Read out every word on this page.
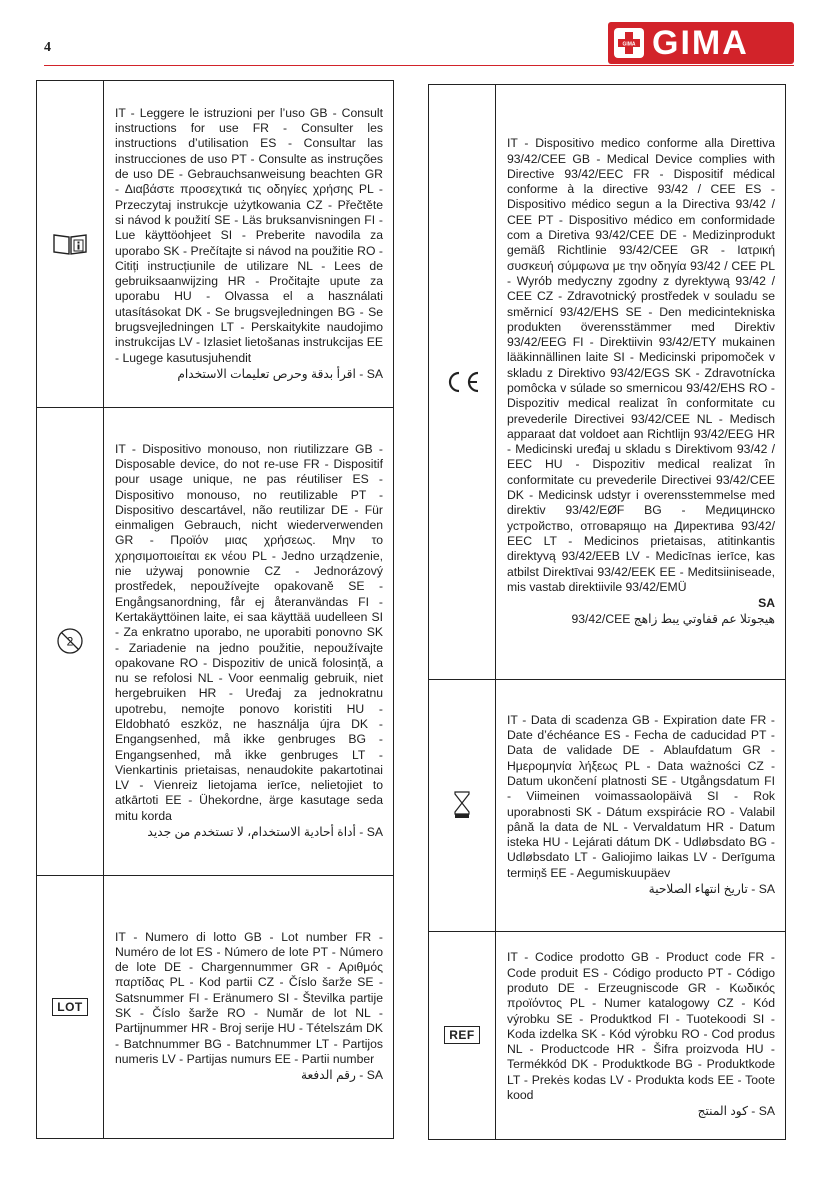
4	GIMA GIMA
IT - Leggere le istruzioni per l’uso GB - Consult instructions for use FR - Consulter les instructions d’utilisation ES - Consultar las instrucciones de uso PT - Consulte as instruções de uso DE - Gebrauchsanweisung beachten GR - Διαβάστε προσεχτικά τις οδηγίες χρήσης PL - Przeczytaj instrukcje użytkowania CZ - Přečtěte si návod k použití SE - Läs bruksanvisningen FI - Lue käyttöohjeet SI - Preberite navodila za uporabo SK - Prečítajte si návod na použitie RO - Citiți instrucțiunile de utilizare NL - Lees de gebruiksaanwijzing HR - Pročitajte upute za uporabu HU - Olvassa el a használati utasításokat DK - Se brugsvejledningen BG - Se brugsvejledningen LT - Perskaitykite naudojimo instrukcijas LV - Izlasiet lietošanas instrukcijas EE - Lugege kasutusjuhendit
SA - اقرأ بدقة وحرص تعليمات الاستخدام
2
IT - Dispositivo monouso, non riutilizzare GB - Disposable device, do not re-use FR - Dispositif pour usage unique, ne pas réutiliser ES - Dispositivo monouso, no reutilizable PT - Dispositivo descartável, não reutilizar DE - Für einmaligen Gebrauch, nicht wiederverwenden GR - Προϊόν μιας χρήσεως. Μην το χρησιμοποιείται εκ νέου PL - Jedno urządzenie, nie używaj ponownie CZ - Jednorázový prostředek, nepoužívejte opakovaně SE - Engångsanordning, får ej återanvändas FI - Kertakäyttöinen laite, ei saa käyttää uudelleen SI - Za enkratno uporabo, ne uporabiti ponovno SK - Zariadenie na jedno použitie, nepoužívajte opakovane RO - Dispozitiv de unică folosință, a nu se refolosi NL - Voor eenmalig gebruik, niet hergebruiken HR - Uređaj za jednokratnu upotrebu, nemojte ponovo koristiti HU - Eldobható eszköz, ne használja újra DK - Engangsenhed, må ikke genbruges BG - Engangsenhed, må ikke genbruges LT - Vienkartinis prietaisas, nenaudokite pakartotinai LV - Vienreiz lietojama ierīce, nelietojiet to atkārtoti EE - Ühekordne, ärge kasutage seda mitu korda
SA - أداة أحادية الاستخدام، لا تستخدم من جديد
LOT
IT - Numero di lotto GB - Lot number FR - Numéro de lot ES - Número de lote PT - Número de lote DE - Chargennummer GR - Αριθμός παρτίδας PL - Kod partii CZ - Číslo šarže SE - Satsnummer FI - Eränumero SI - Številka partije SK - Číslo šarže RO - Număr de lot NL - Partijnummer HR - Broj serije HU - Tételszám DK - Batchnummer BG - Batchnummer LT - Partijos numeris LV - Partijas numurs EE - Partii number
SA - رقم الدفعة
IT - Dispositivo medico conforme alla Direttiva 93/42/CEE GB - Medical Device complies with Directive 93/42/EEC FR - Dispositif médical conforme à la directive 93/42 / CEE ES - Dispositivo médico segun a la Directiva 93/42 / CEE PT - Dispositivo médico em conformidade com a Diretiva 93/42/CEE DE - Medizinprodukt gemäß Richtlinie 93/42/CEE GR - Ιατρική συσκευή σύμφωνα με την οδηγία 93/42 / CEE PL - Wyrób medyczny zgodny z dyrektywą 93/42 / CEE CZ - Zdravotnický prostředek v souladu se směrnicí 93/42/EHS SE - Den medicintekniska produkten överensstämmer med Direktiv 93/42/EEG FI - Direktiivin 93/42/ETY mukainen lääkinnällinen laite SI - Medicinski pripomoček v skladu z Direktivo 93/42/EGS SK - Zdravotnícka pomôcka v súlade so smernicou 93/42/EHS RO - Dispozitiv medical realizat în conformitate cu prevederile Directivei 93/42/CEE NL - Medisch apparaat dat voldoet aan Richtlijn 93/42/EEG HR - Medicinski uređaj u skladu s Direktivom 93/42 / EEC HU - Dispozitiv medical realizat în conformitate cu prevederile Directivei 93/42/CEE DK - Medicinsk udstyr i overensstemmelse med direktiv 93/42/EØF BG - Медицинско устройство, отговарящо на Директива 93/42/ЕЕС LT - Medicinos prietaisas, atitinkantis direktyvą 93/42/EEB LV - Medicīnas ierīce, kas atbilst Direktīvai 93/42/EEK EE - Meditsiiniseade, mis vastab direktiivile 93/42/EMÜ
SA
93/42/CEE هيجوتلا عم قفاوتي يبط زاهج
IT - Data di scadenza GB - Expiration date FR - Date d’échéance ES - Fecha de caducidad PT - Data de validade DE - Ablaufdatum GR - Ημερομηνία λήξεως PL - Data ważności CZ - Datum ukončení platnosti SE - Utgångsdatum FI - Viimeinen voimassaolopäivä SI - Rok uporabnosti SK - Dátum exspirácie RO - Valabil până la data de NL - Vervaldatum HR - Datum isteka HU - Lejárati dátum DK - Udløbsdato BG - Udløbsdato LT - Galiojimo laikas LV - Derīguma termiņš EE - Aegumiskuupäev
SA - تاريخ انتهاء الصلاحية
REF
IT - Codice prodotto GB - Product code FR - Code produit ES - Código producto PT - Código produto DE - Erzeugniscode GR - Κωδικός προϊόντος PL - Numer katalogowy CZ - Kód výrobku SE - Produktkod FI - Tuotekoodi SI - Koda izdelka SK - Kód výrobku RO - Cod produs NL - Productcode HR - Šifra proizvoda HU - Termékkód DK - Produktkode BG - Produktkode LT - Prekės kodas LV - Produkta kods EE - Toote kood
SA - كود المنتج
